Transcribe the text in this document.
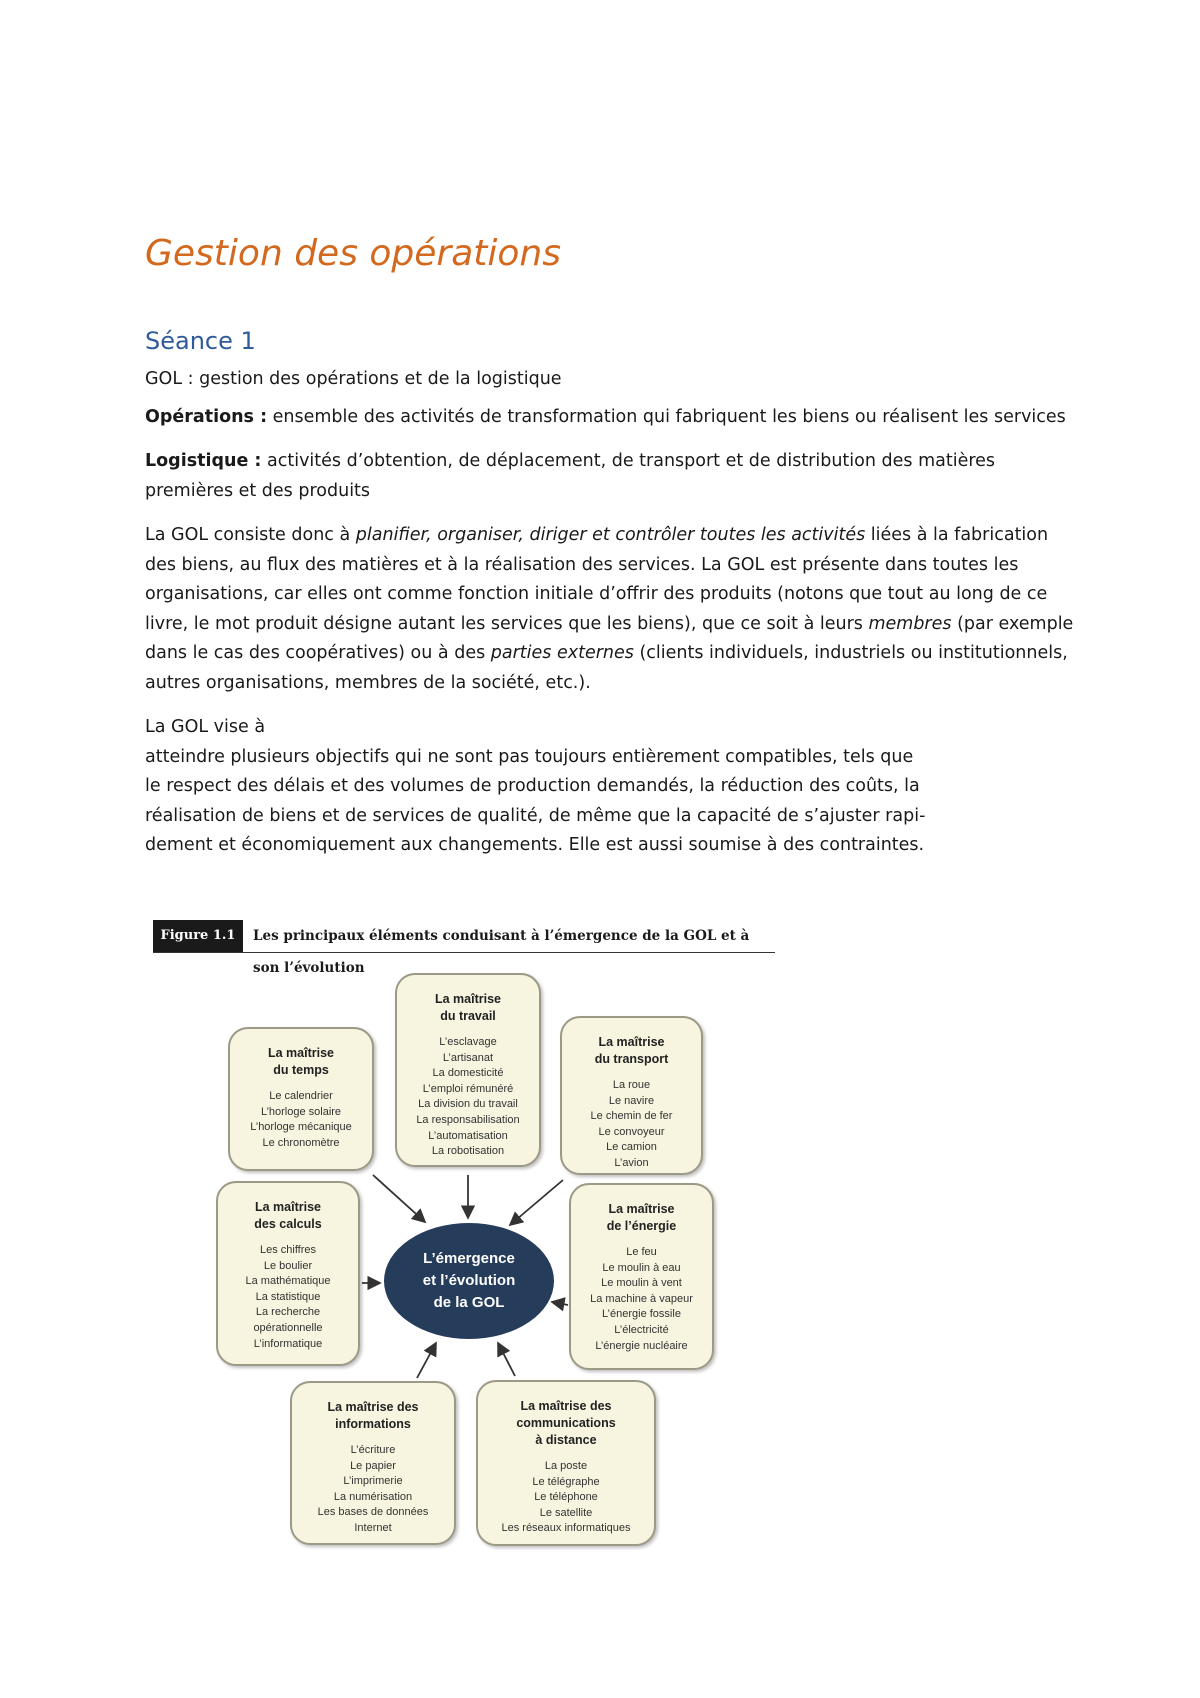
Gestion des opérations
Séance 1

GOL : gestion des opérations et de la logistique

Opérations : ensemble des activités de transformation qui fabriquent les biens ou réalisent les services

Logistique : activités d’obtention, de déplacement, de transport et de distribution des matières premières et des produits

La GOL consiste donc à planifier, organiser, diriger et contrôler toutes les activités liées à la fabrication des biens, au flux des matières et à la réalisation des services. La GOL est présente dans toutes les organisations, car elles ont comme fonction initiale d’offrir des produits (notons que tout au long de ce livre, le mot produit désigne autant les services que les biens), que ce soit à leurs membres (par exemple dans le cas des coopératives) ou à des parties externes (clients individuels, industriels ou institutionnels, autres organisations, membres de la société, etc.).

La GOL vise à
atteindre plusieurs objectifs qui ne sont pas toujours entièrement compatibles, tels que
le respect des délais et des volumes de production demandés, la réduction des coûts, la
réalisation de biens et de services de qualité, de même que la capacité de s’ajuster rapi-
dement et économiquement aux changements. Elle est aussi soumise à des contraintes.

Figure 1.1	Les principaux éléments conduisant à l’émergence de la GOL et à son l’évolution
La maîtrise
du travail
L’esclavage
L’artisanat
La domesticité
L’emploi rémunéré
La division du travail
La responsabilisation
L’automatisation
La robotisation
La maîtrise
du temps
Le calendrier
L’horloge solaire
L’horloge mécanique
Le chronomètre
La maîtrise
du transport
La roue
Le navire
Le chemin de fer
Le convoyeur
Le camion
L’avion
La maîtrise
des calculs
Les chiffres
Le boulier
La mathématique
La statistique
La recherche
opérationnelle
L’informatique
La maîtrise
de l’énergie
Le feu
Le moulin à eau
Le moulin à vent
La machine à vapeur
L’énergie fossile
L’électricité
L’énergie nucléaire
La maîtrise des
informations
L’écriture
Le papier
L’imprimerie
La numérisation
Les bases de données
Internet
La maîtrise des
communications
à distance
La poste
Le télégraphe
Le téléphone
Le satellite
Les réseaux informatiques
L’émergence
et l’évolution
de la GOL
